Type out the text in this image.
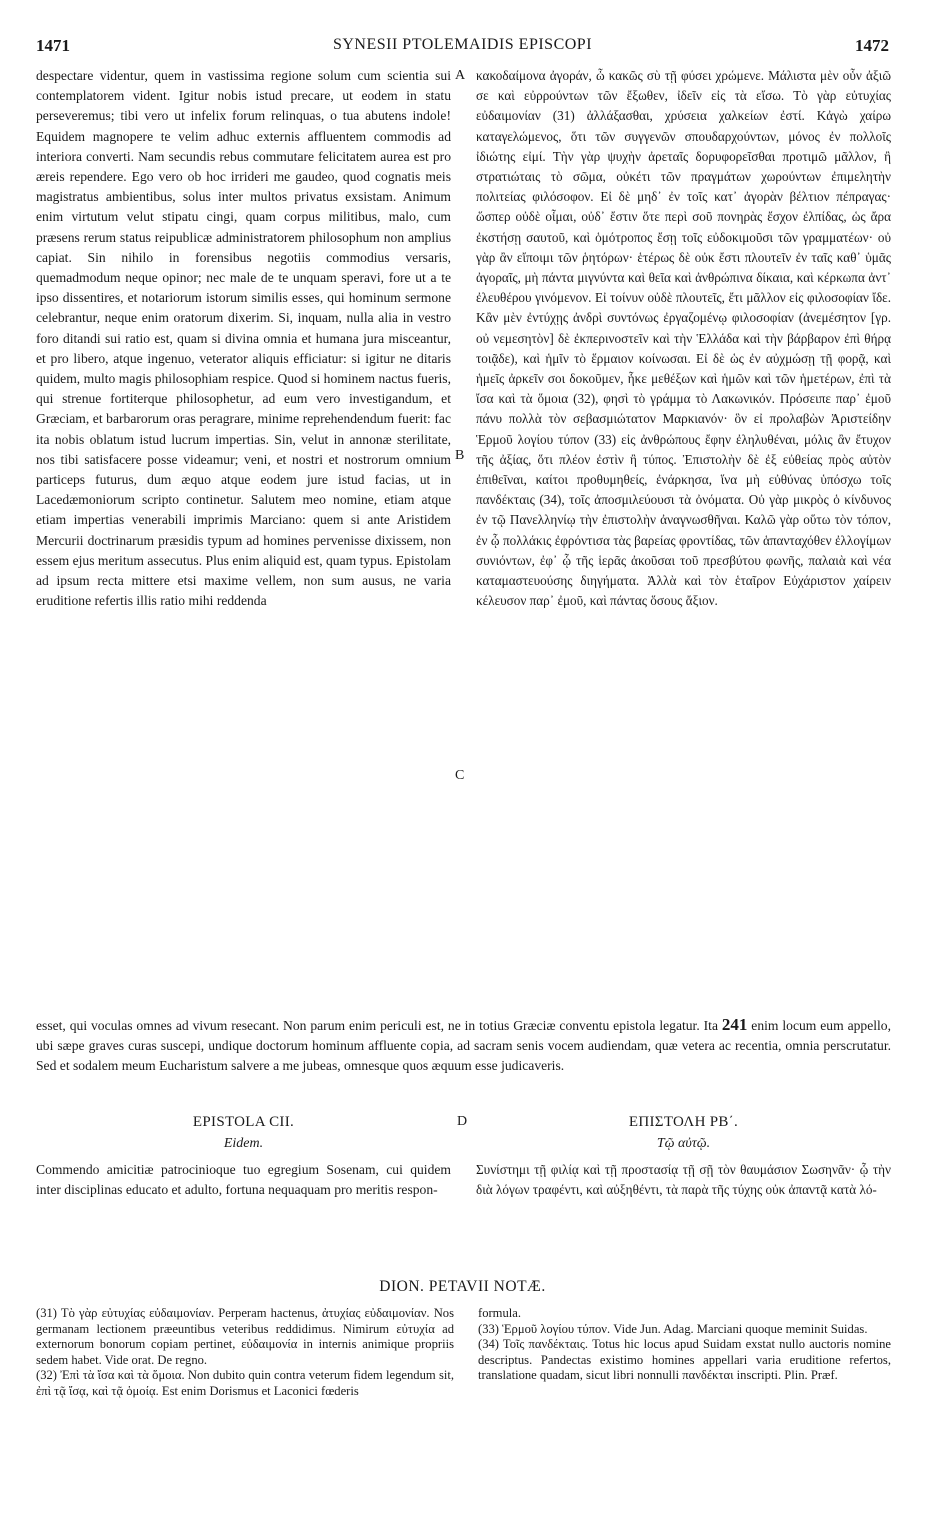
1471	SYNESII PTOLEMAIDIS EPISCOPI	1472

despectare videntur, quem in vastissima regione solum cum scientia sui contemplatorem vident. Igitur nobis istud precare, ut eodem in statu perseveremus; tibi vero ut infelix forum relinquas, o tua abutens indole! Equidem magnopere te velim adhuc externis affluentem commodis ad interiora converti. Nam secundis rebus commutare felicitatem aurea est pro æreis rependere. Ego vero ob hoc irrideri me gaudeo, quod cognatis meis magistratus ambientibus, solus inter multos privatus exsistam. Animum enim virtutum velut stipatu cingi, quam corpus militibus, malo, cum præsens rerum status reipublicæ administratorem philosophum non amplius capiat. Sin nihilo in forensibus negotiis commodius versaris, quemadmodum neque opinor; nec male de te unquam speravi, fore ut a te ipso dissentires, et notariorum istorum similis esses, qui hominum sermone celebrantur, neque enim oratorum dixerim. Si, inquam, nulla alia in vestro foro ditandi sui ratio est, quam si divina omnia et humana jura misceantur, et pro libero, atque ingenuo, veterator aliquis efficiatur: si igitur ne ditaris quidem, multo magis philosophiam respice. Quod si hominem nactus fueris, qui strenue fortiterque philosophetur, ad eum vero investigandum, et Græciam, et barbarorum oras peragrare, minime reprehendendum fuerit: fac ita nobis oblatum istud lucrum impertias. Sin, velut in annonæ sterilitate, nos tibi satisfacere posse videamur; veni, et nostri et nostrorum omnium particeps futurus, dum æquo atque eodem jure istud facias, ut in Lacedæmoniorum scripto continetur. Salutem meo nomine, etiam atque etiam impertias venerabili imprimis Marciano: quem si ante Aristidem Mercurii doctrinarum præsidis typum ad homines pervenisse dixissem, non essem ejus meritum assecutus. Plus enim aliquid est, quam typus. Epistolam ad ipsum recta mittere etsi maxime vellem, non sum ausus, ne varia eruditione refertis illis ratio mihi reddenda

A
B
C

κακοδαίμονα ἀγοράν, ὦ κακῶς σὺ τῇ φύσει χρώμενε. Μάλιστα μὲν οὖν ἀξιῶ σε καὶ εὐρρούντων τῶν ἔξωθεν, ἰδεῖν εἰς τὰ εἴσω. Τὸ γὰρ εὐτυχίας εὐδαιμονίαν (31) ἀλλάξασθαι, χρύσεια χαλκείων ἐστί. Κἀγὼ χαίρω καταγελώμενος, ὅτι τῶν συγγενῶν σπουδαρχούντων, μόνος ἐν πολλοῖς ἰδιώτης εἰμί. Τὴν γὰρ ψυχὴν ἀρεταῖς δορυφορεῖσθαι προτιμῶ μᾶλλον, ἢ στρατιώταις τὸ σῶμα, οὐκέτι τῶν πραγμάτων χωρούντων ἐπιμελητὴν πολιτείας φιλόσοφον. Εἰ δὲ μηδ᾽ ἐν τοῖς κατ᾽ ἀγορὰν βέλτιον πέπραγας· ὥσπερ οὐδὲ οἶμαι, οὐδ᾽ ἔστιν ὅτε περὶ σοῦ πονηρὰς ἔσχον ἐλπίδας, ὡς ἄρα ἐκστήσῃ σαυτοῦ, καὶ ὁμότροπος ἔσῃ τοῖς εὐδοκιμοῦσι τῶν γραμματέων· οὐ γὰρ ἂν εἴποιμι τῶν ῥητόρων· ἑτέρως δὲ οὐκ ἔστι πλουτεῖν ἐν ταῖς καθ᾽ ὑμᾶς ἀγοραῖς, μὴ πάντα μιγνύντα καὶ θεῖα καὶ ἀνθρώπινα δίκαια, καὶ κέρκωπα ἀντ᾽ ἐλευθέρου γινόμενον. Εἰ τοίνυν οὐδὲ πλουτεῖς, ἔτι μᾶλλον εἰς φιλοσοφίαν ἴδε. Κἂν μὲν ἐντύχῃς ἀνδρὶ συντόνως ἐργαζομένῳ φιλοσοφίαν (ἀνεμέσητον [γρ. οὐ νεμεσητὸν] δὲ ἐκπερινοστεῖν καὶ τὴν Ἑλλάδα καὶ τὴν βάρβαρον ἐπὶ θήρᾳ τοιᾷδε), καὶ ἡμῖν τὸ ἕρμαιον κοίνωσαι. Εἰ δὲ ὡς ἐν αὐχμώσῃ τῇ φορᾷ, καὶ ἡμεῖς ἀρκεῖν σοι δοκοῦμεν, ἧκε μεθέξων καὶ ἡμῶν καὶ τῶν ἡμετέρων, ἐπὶ τὰ ἴσα καὶ τὰ ὅμοια (32), φησὶ τὸ γράμμα τὸ Λακωνικόν. Πρόσειπε παρ᾽ ἐμοῦ πάνυ πολλὰ τὸν σεβασμιώτατον Μαρκιανόν· ὃν εἰ προλαβὼν Ἀριστείδην Ἑρμοῦ λογίου τύπον (33) εἰς ἀνθρώπους ἔφην ἐληλυθέναι, μόλις ἂν ἔτυχον τῆς ἀξίας, ὅτι πλέον ἐστὶν ἢ τύπος. Ἐπιστολὴν δὲ ἐξ εὐθείας πρὸς αὐτὸν ἐπιθεῖναι, καίτοι προθυμηθείς, ἐνάρκησα, ἵνα μὴ εὐθύνας ὑπόσχω τοῖς πανδέκταις (34), τοῖς ἀποσμιλεύουσι τὰ ὀνόματα. Οὐ γὰρ μικρὸς ὁ κίνδυνος ἐν τῷ Πανελληνίῳ τὴν ἐπιστολὴν ἀναγνωσθῆναι. Καλῶ γὰρ οὕτω τὸν τόπον, ἐν ᾧ πολλάκις ἐφρόντισα τὰς βαρείας φροντίδας, τῶν ἁπανταχόθεν ἐλλογίμων συνιόντων, ἐφ᾽ ᾧ τῆς ἱερᾶς ἀκοῦσαι τοῦ πρεσβύτου φωνῆς, παλαιὰ καὶ νέα καταμαστευούσης διηγήματα. Ἀλλὰ καὶ τὸν ἑταῖρον Εὐχάριστον χαίρειν κέλευσον παρ᾽ ἐμοῦ, καὶ πάντας ὅσους ἄξιον.

esset, qui voculas omnes ad vivum resecant. Non parum enim periculi est, ne in totius Græciæ conventu epistola legatur. Ita 241 enim locum eum appello, ubi sæpe graves curas suscepi, undique doctorum hominum affluente copia, ad sacram senis vocem audiendam, quæ vetera ac recentia, omnia perscrutatur. Sed et sodalem meum Eucharistum salvere a me jubeas, omnesque quos æquum esse judicaveris.
EPISTOLA CII.	D	ΕΠΙΣΤΟΛΗ ΡΒ΄.
Eidem.	Τῷ αὐτῷ.

Commendo amicitiæ patrocinioque tuo egregium Sosenam, cui quidem inter disciplinas educato et adulto, fortuna nequaquam pro meritis respon-

Συνίστημι τῇ φιλίᾳ καὶ τῇ προστασίᾳ τῇ σῇ τὸν θαυμάσιον Σωσηνᾶν· ᾧ τὴν διὰ λόγων τραφέντι, καὶ αὐξηθέντι, τὰ παρὰ τῆς τύχης οὐκ ἀπαντᾷ κατὰ λό-

DION. PETAVII NOTÆ.

(31) Τὸ γὰρ εὐτυχίας εὐδαιμονίαν. Perperam hactenus, ἀτυχίας εὐδαιμονίαν. Nos germanam lectionem præeuntibus veteribus reddidimus. Nimirum εὐτυχία ad externorum bonorum copiam pertinet, εὐδαιμονία in internis animique propriis sedem habet. Vide orat. De regno.

(32) Ἐπὶ τὰ ἴσα καὶ τὰ ὅμοια. Non dubito quin contra veterum fidem legendum sit, ἐπὶ τᾷ ἴσᾳ, καὶ τᾷ ὁμοίᾳ. Est enim Dorismus et Laconici fœderis

formula.

(33) Ἑρμοῦ λογίου τύπον. Vide Jun. Adag. Marciani quoque meminit Suidas.

(34) Τοῖς πανδέκταις. Totus hic locus apud Suidam exstat nullo auctoris nomine descriptus. Pandectas existimo homines appellari varia eruditione refertos, translatione quadam, sicut libri nonnulli πανδέκται inscripti. Plin. Præf.
